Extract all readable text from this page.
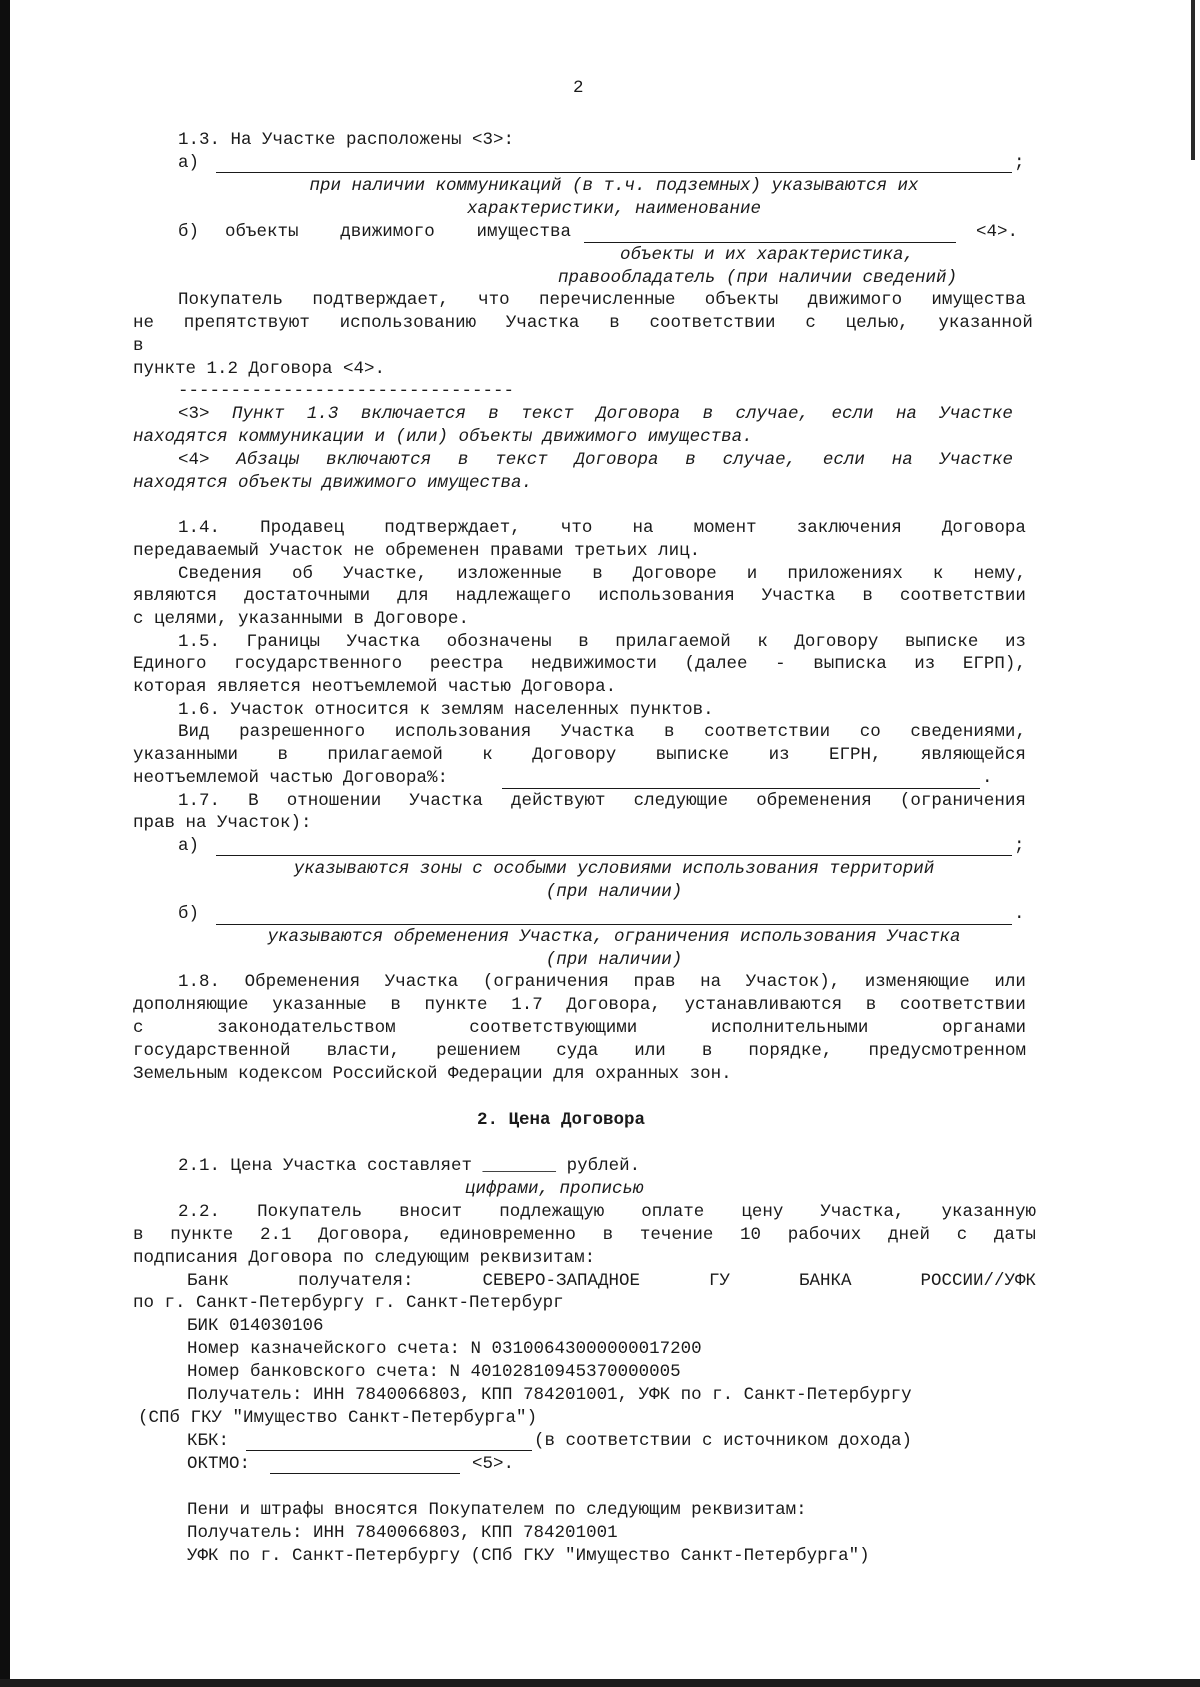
2
1.3. На Участке расположены <3>:
а)	;
при наличии коммуникаций (в т.ч. подземных) указываются их
характеристики, наименование
б) объекты движимого имущества	<4>.
объекты и их характеристика,
правообладатель (при наличии сведений)
Покупатель подтверждает, что перечисленные объекты движимого имущества
не препятствуют использованию Участка в соответствии с целью, указанной
в
пункте 1.2 Договора <4>.
--------------------------------
<3> Пункт 1.3 включается в текст Договора в случае, если на Участке
находятся коммуникации и (или) объекты движимого имущества.
<4> Абзацы включаются в текст Договора в случае, если на Участке
находятся объекты движимого имущества.
1.4. Продавец подтверждает, что на момент заключения Договора
передаваемый Участок не обременен правами третьих лиц.
Сведения об Участке, изложенные в Договоре и приложениях к нему,
являются достаточными для надлежащего использования Участка в соответствии
с целями, указанными в Договоре.
1.5. Границы Участка обозначены в прилагаемой к Договору выписке из
Единого государственного реестра недвижимости (далее - выписка из ЕГРП),
которая является неотъемлемой частью Договора.
1.6. Участок относится к землям населенных пунктов.
Вид разрешенного использования Участка в соответствии со сведениями,
указанными в прилагаемой к Договору выписке из ЕГРН, являющейся
неотъемлемой частью Договора%:	.
1.7. В отношении Участка действуют следующие обременения (ограничения
прав на Участок):
а)	;
указываются зоны с особыми условиями использования территорий
(при наличии)
б)	.
указываются обременения Участка, ограничения использования Участка
(при наличии)
1.8. Обременения Участка (ограничения прав на Участок), изменяющие или
дополняющие указанные в пункте 1.7 Договора, устанавливаются в соответствии
с	законодательством	соответствующими	исполнительными	органами
государственной власти, решением суда или в порядке, предусмотренном
Земельным кодексом Российской Федерации для охранных зон.
2. Цена Договора
2.1. Цена Участка составляет _______ рублей.
цифрами, прописью
2.2. Покупатель вносит подлежащую оплате цену Участка, указанную
в пункте 2.1 Договора, единовременно в течение 10 рабочих дней с даты
подписания Договора по следующим реквизитам:
Банк	получателя:	СЕВЕРО-ЗАПАДНОЕ	ГУ	БАНКА	РОССИИ//УФК
по г. Санкт-Петербургу г. Санкт-Петербург
БИК 014030106
Номер казначейского счета: N 03100643000000017200
Номер банковского счета: N 40102810945370000005
Получатель: ИНН 7840066803, КПП 784201001, УФК по г. Санкт-Петербургу
(СПб ГКУ "Имущество Санкт-Петербурга")
КБК:	(в соответствии с источником дохода)
ОКТМО:	<5>.
Пени и штрафы вносятся Покупателем по следующим реквизитам:
Получатель: ИНН 7840066803, КПП 784201001
УФК по г. Санкт-Петербургу (СПб ГКУ "Имущество Санкт-Петербурга")
